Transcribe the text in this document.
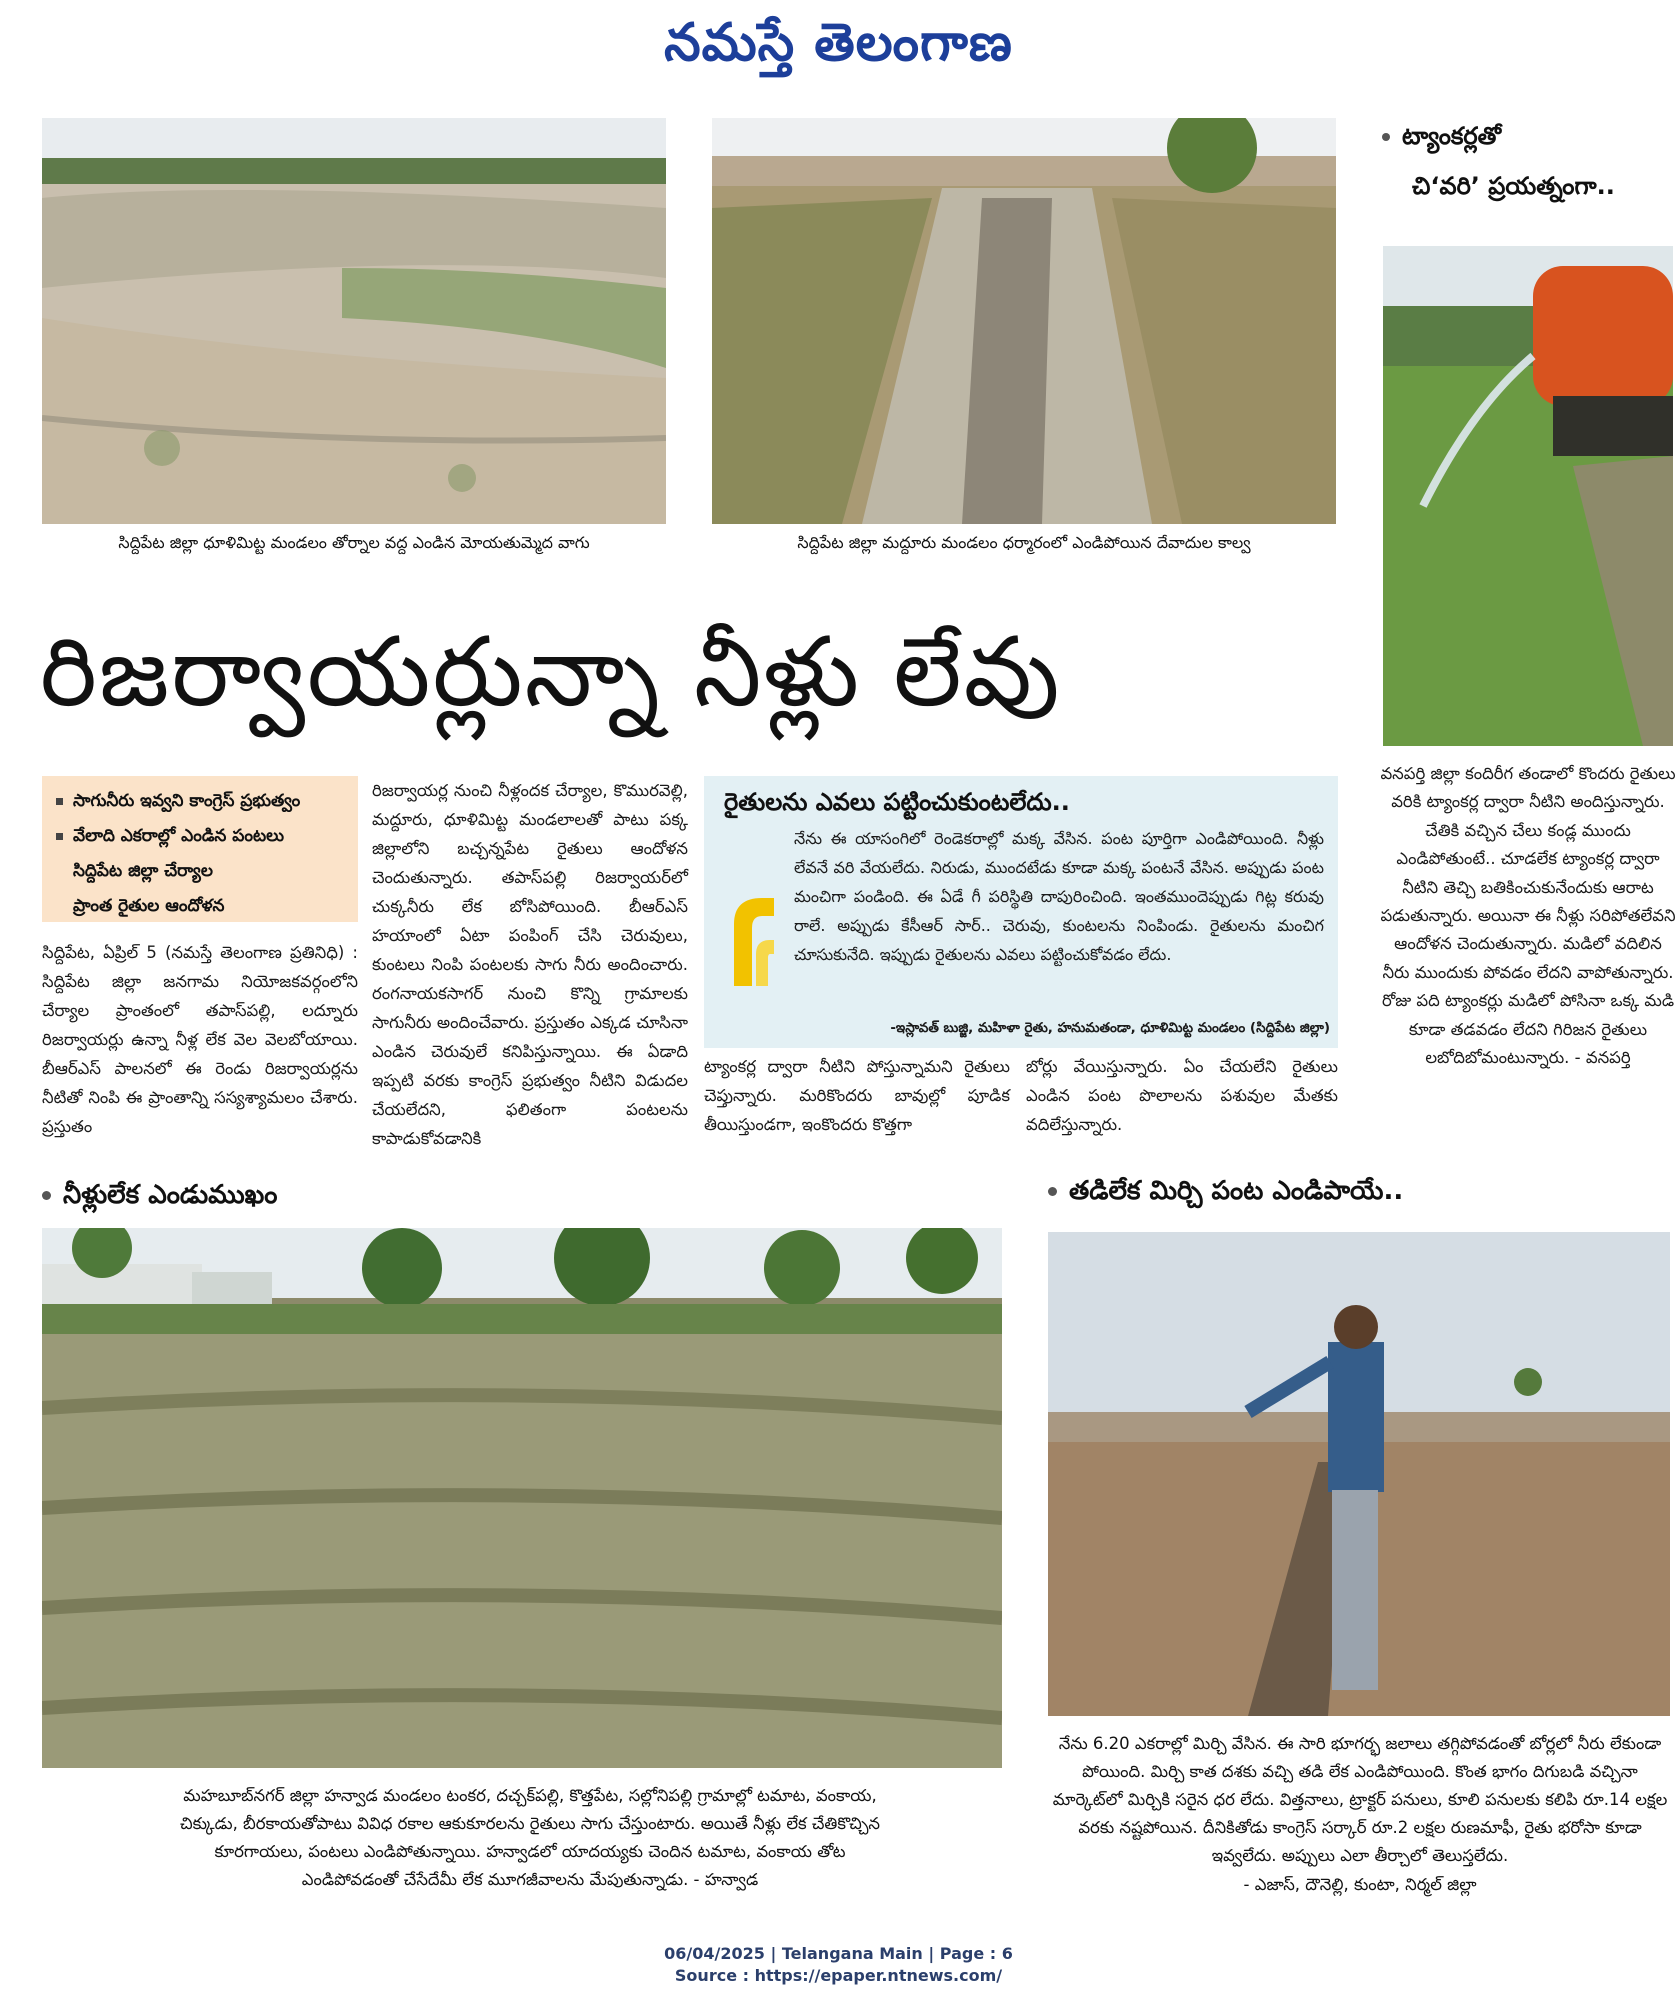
నమస్తే తెలంగాణ
సిద్దిపేట జిల్లా ధూళిమిట్ట మండలం తోర్నాల వద్ద ఎండిన మోయతుమ్మెద వాగు	సిద్దిపేట జిల్లా మద్దూరు మండలం ధర్మారంలో ఎండిపోయిన దేవాదుల కాల్వ
ట్యాంకర్లతో
చి‘వరి’ ప్రయత్నంగా..
వనపర్తి జిల్లా కందిరీగ తండాలో కొందరు రైతులు వరికి ట్యాంకర్ల ద్వారా నీటిని అందిస్తున్నారు. చేతికి వచ్చిన చేలు కండ్ల ముందు ఎండిపోతుంటే.. చూడలేక ట్యాంకర్ల ద్వారా నీటిని తెచ్చి బతికించుకునేందుకు ఆరాట పడుతున్నారు. అయినా ఈ నీళ్లు సరిపోతలేవని ఆందోళన చెందుతున్నారు. మడిలో వదిలిన నీరు ముందుకు పోవడం లేదని వాపోతున్నారు. రోజు పది ట్యాంకర్లు మడిలో పోసినా ఒక్క మడి కూడా తడవడం లేదని గిరిజన రైతులు లబోదిబోమంటున్నారు. - వనపర్తి
రిజర్వాయర్లున్నా నీళ్లు లేవు
సాగునీరు ఇవ్వని కాంగ్రెస్ ప్రభుత్వం
వేలాది ఎకరాల్లో ఎండిన పంటలు
సిద్దిపేట జిల్లా చేర్యాల
ప్రాంత రైతుల ఆందోళన
సిద్దిపేట, ఏప్రిల్ 5 (నమస్తే తెలంగాణ ప్రతినిధి) : సిద్దిపేట జిల్లా జనగామ నియోజకవర్గంలోని చేర్యాల ప్రాంతంలో తపాస్‌పల్లి, లద్నూరు రిజర్వాయర్లు ఉన్నా నీళ్ల లేక వెల వెలబోయాయి. బీఆర్‌ఎస్ పాలనలో ఈ రెండు రిజర్వాయర్లను నీటితో నింపి ఈ ప్రాంతాన్ని సస్యశ్యామలం చేశారు. ప్రస్తుతం
రిజర్వాయర్ల నుంచి నీళ్లందక చేర్యాల, కొమురవెల్లి, మద్దూరు, ధూళిమిట్ట మండలాలతో పాటు పక్క జిల్లాలోని బచ్చన్నపేట రైతులు ఆందోళన చెందుతున్నారు. తపాస్‌పల్లి రిజర్వాయర్‌లో చుక్కనీరు లేక బోసిపోయింది. బీఆర్‌ఎస్ హయాంలో ఏటా పంపింగ్ చేసి చెరువులు, కుంటలు నింపి పంటలకు సాగు నీరు అందించారు. రంగనాయకసాగర్ నుంచి కొన్ని గ్రామాలకు సాగునీరు అందించేవారు. ప్రస్తుతం ఎక్కడ చూసినా ఎండిన చెరువులే కనిపిస్తున్నాయి. ఈ ఏడాది ఇప్పటి వరకు కాంగ్రెస్ ప్రభుత్వం నీటిని విడుదల చేయలేదని, ఫలితంగా పంటలను కాపాడుకోవడానికి
రైతులను ఎవలు పట్టించుకుంటలేదు..
నేను ఈ యాసంగిలో రెండెకరాల్లో మక్క వేసిన. పంట పూర్తిగా ఎండిపోయింది. నీళ్లు లేవనే వరి వేయలేదు. నిరుడు, ముందటేడు కూడా మక్క పంటనే వేసిన. అప్పుడు పంట మంచిగా పండింది. ఈ ఏడే గీ పరిస్థితి దాపురించింది. ఇంతముందెప్పుడు గిట్ల కరువు రాలే. అప్పుడు కేసీఆర్ సార్.. చెరువు, కుంటలను నింపిండు. రైతులను మంచిగ చూసుకునేది. ఇప్పుడు రైతులను ఎవలు పట్టించుకోవడం లేదు.
-ఇస్లావత్ బుజ్జి, మహిళా రైతు, హనుమతండా, ధూళిమిట్ట మండలం (సిద్దిపేట జిల్లా)
ట్యాంకర్ల ద్వారా నీటిని పోస్తున్నామని రైతులు చెప్తున్నారు. మరికొందరు బావుల్లో పూడిక తీయిస్తుండగా, ఇంకొందరు కొత్తగా
బోర్లు వేయిస్తున్నారు. ఏం చేయలేని రైతులు ఎండిన పంట పొలాలను పశువుల మేతకు వదిలేస్తున్నారు.
నీళ్లులేక ఎండుముఖం
మహబూబ్‌నగర్ జిల్లా హన్వాడ మండలం టంకర, దచ్చక్‌పల్లి, కొత్తపేట, సల్లోనిపల్లి గ్రామాల్లో టమాట, వంకాయ, చిక్కుడు, బీరకాయతోపాటు వివిధ రకాల ఆకుకూరలను రైతులు సాగు చేస్తుంటారు. అయితే నీళ్లు లేక చేతికొచ్చిన కూరగాయలు, పంటలు ఎండిపోతున్నాయి. హన్వాడలో యాదయ్యకు చెందిన టమాట, వంకాయ తోట ఎండిపోవడంతో చేసేదేమీ లేక మూగజీవాలను మేపుతున్నాడు. - హన్వాడ
తడిలేక మిర్చి పంట ఎండిపాయే..
నేను 6.20 ఎకరాల్లో మిర్చి వేసిన. ఈ సారి భూగర్భ జలాలు తగ్గిపోవడంతో బోర్లలో నీరు లేకుండా పోయింది. మిర్చి కాత దశకు వచ్చి తడి లేక ఎండిపోయింది. కొంత భాగం దిగుబడి వచ్చినా మార్కెట్‌లో మిర్చికి సరైన ధర లేదు. విత్తనాలు, ట్రాక్టర్ పనులు, కూలి పనులకు కలిపి రూ.14 లక్షల వరకు నష్టపోయిన. దీనికితోడు కాంగ్రెస్ సర్కార్ రూ.2 లక్షల రుణమాఫీ, రైతు భరోసా కూడా ఇవ్వలేదు. అప్పులు ఎలా తీర్చాలో తెలుస్తలేదు.
- ఎజాస్, దౌనెల్లి, కుంటా, నిర్మల్ జిల్లా
06/04/2025 | Telangana Main | Page : 6
Source : https://epaper.ntnews.com/
